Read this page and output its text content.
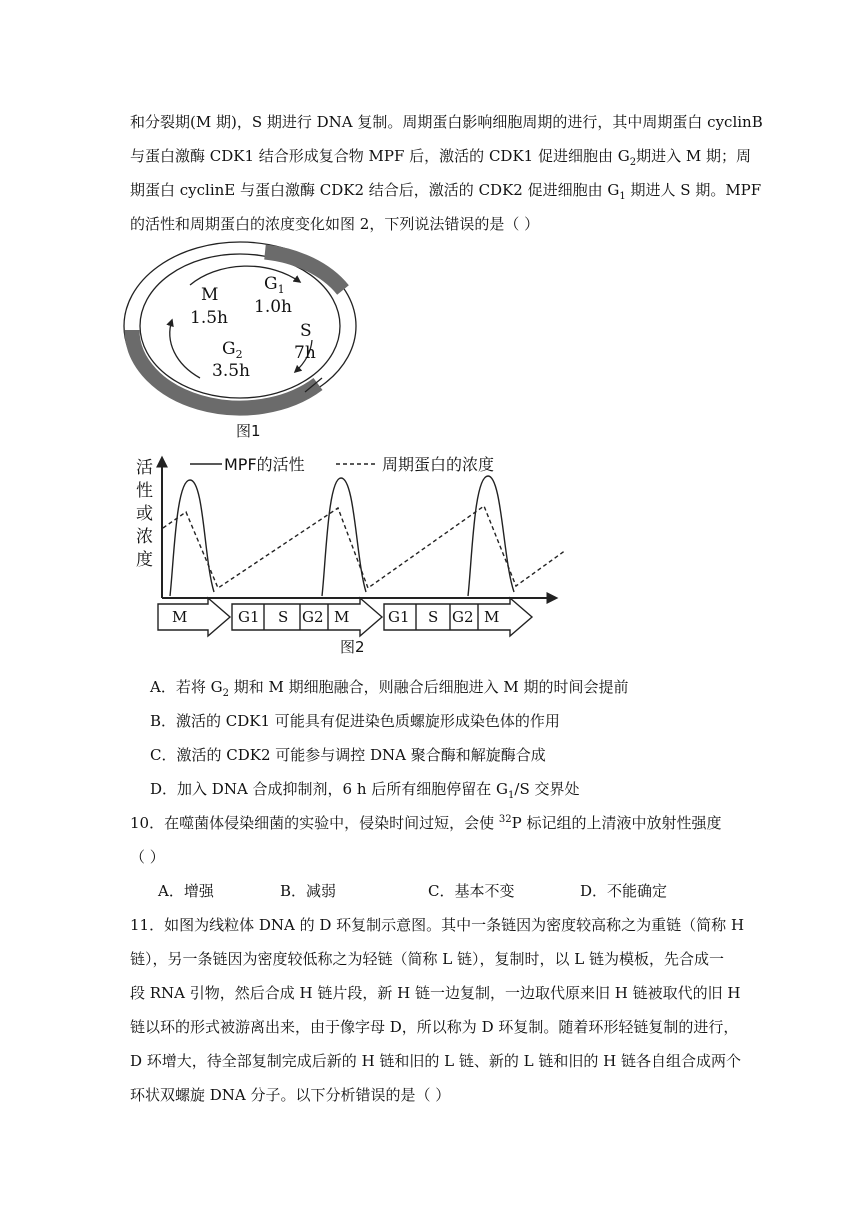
和分裂期(M 期)，S 期进行 DNA 复制。周期蛋白影响细胞周期的进行，其中周期蛋白 cyclinB
与蛋白激酶 CDK1 结合形成复合物 MPF 后，激活的 CDK1 促进细胞由 $G_2$期进入 M 期；周
期蛋白 cyclinE 与蛋白激酶 CDK2 结合后，激活的 CDK2 促进细胞由 $G_1$ 期进人 S 期。MPF
的活性和周期蛋白的浓度变化如图 2，下列说法错误的是（ ）
M
1.5h
$G_1$
1.0h
S
7h
$G_2$
3.5h
图1
活
性
或
浓
度
MPF的活性	周期蛋白的浓度
M	G1 S G2 M	G1 S G2 M
图2
A．若将 $G_2$ 期和 M 期细胞融合，则融合后细胞进入 M 期的时间会提前
B．激活的 CDK1 可能具有促进染色质螺旋形成染色体的作用
C．激活的 CDK2 可能参与调控 DNA 聚合酶和解旋酶合成
D．加入 DNA 合成抑制剂，6 h 后所有细胞停留在 $G_1/S$ 交界处
10．在噬菌体侵染细菌的实验中，侵染时间过短，会使 $^{32}$P 标记组的上清液中放射性强度
（ ）
A．增强	B．减弱	C．基本不变	D．不能确定
11．如图为线粒体 DNA 的 D 环复制示意图。其中一条链因为密度较高称之为重链（简称 H
链），另一条链因为密度较低称之为轻链（简称 L 链），复制时，以 L 链为模板，先合成一
段 RNA 引物，然后合成 H 链片段，新 H 链一边复制，一边取代原来旧 H 链被取代的旧 H
链以环的形式被游离出来，由于像字母 D，所以称为 D 环复制。随着环形轻链复制的进行，
D 环增大，待全部复制完成后新的 H 链和旧的 L 链、新的 L 链和旧的 H 链各自组合成两个
环状双螺旋 DNA 分子。以下分析错误的是（ ）
